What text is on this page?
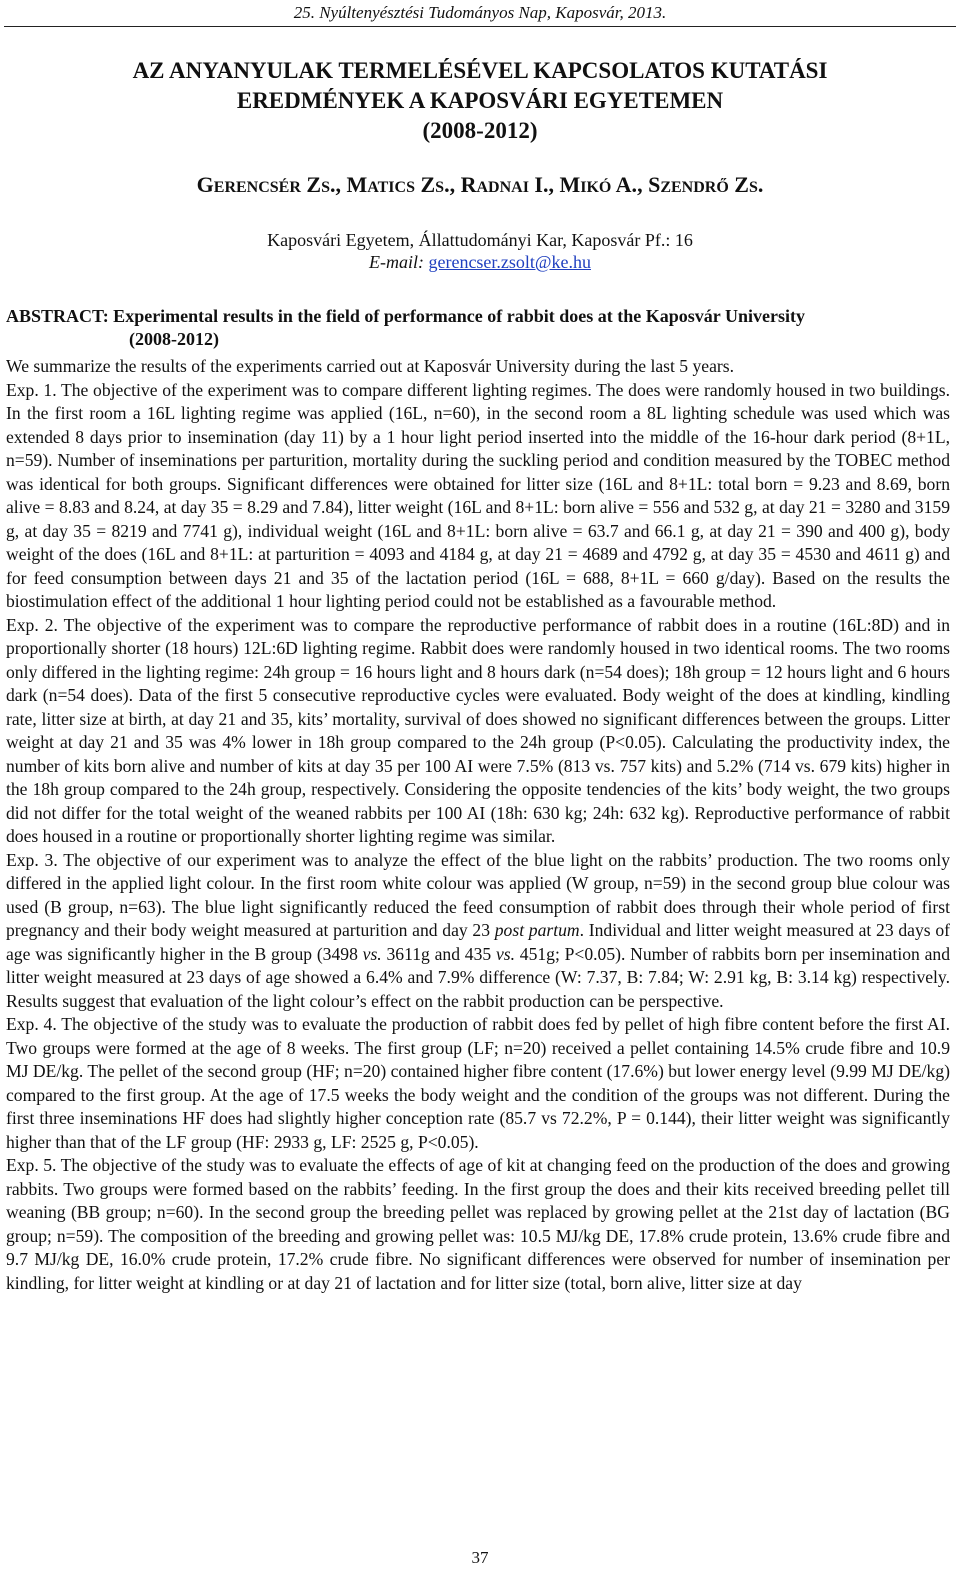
25. Nyúltenyésztési Tudományos Nap, Kaposvár, 2013.
AZ ANYANYULAK TERMELÉSÉVEL KAPCSOLATOS KUTATÁSI
EREDMÉNYEK A KAPOSVÁRI EGYETEMEN
(2008-2012)
GERENCSÉR ZS., MATICS ZS., RADNAI I., MIKÓ A., SZENDRŐ ZS.
Kaposvári Egyetem, Állattudományi Kar, Kaposvár Pf.: 16
E-mail: gerencser.zsolt@ke.hu
ABSTRACT: Experimental results in the field of performance of rabbit does at the Kaposvár University
(2008-2012)

We summarize the results of the experiments carried out at Kaposvár University during the last 5 years.

Exp. 1. The objective of the experiment was to compare different lighting regimes. The does were randomly housed in two buildings. In the first room a 16L lighting regime was applied (16L, n=60), in the second room a 8L lighting schedule was used which was extended 8 days prior to insemination (day 11) by a 1 hour light period inserted into the middle of the 16-hour dark period (8+1L, n=59). Number of inseminations per parturition, mortality during the suckling period and condition measured by the TOBEC method was identical for both groups. Significant differences were obtained for litter size (16L and 8+1L: total born = 9.23 and 8.69, born alive = 8.83 and 8.24, at day 35 = 8.29 and 7.84), litter weight (16L and 8+1L: born alive = 556 and 532 g, at day 21 = 3280 and 3159 g, at day 35 = 8219 and 7741 g), individual weight (16L and 8+1L: born alive = 63.7 and 66.1 g, at day 21 = 390 and 400 g), body weight of the does (16L and 8+1L: at parturition = 4093 and 4184 g, at day 21 = 4689 and 4792 g, at day 35 = 4530 and 4611 g) and for feed consumption between days 21 and 35 of the lactation period (16L = 688, 8+1L = 660 g/day). Based on the results the biostimulation effect of the additional 1 hour lighting period could not be established as a favourable method.

Exp. 2. The objective of the experiment was to compare the reproductive performance of rabbit does in a routine (16L:8D) and in proportionally shorter (18 hours) 12L:6D lighting regime. Rabbit does were randomly housed in two identical rooms. The two rooms only differed in the lighting regime: 24h group = 16 hours light and 8 hours dark (n=54 does); 18h group = 12 hours light and 6 hours dark (n=54 does). Data of the first 5 consecutive reproductive cycles were evaluated. Body weight of the does at kindling, kindling rate, litter size at birth, at day 21 and 35, kits’ mortality, survival of does showed no significant differences between the groups. Litter weight at day 21 and 35 was 4% lower in 18h group compared to the 24h group (P<0.05). Calculating the productivity index, the number of kits born alive and number of kits at day 35 per 100 AI were 7.5% (813 vs. 757 kits) and 5.2% (714 vs. 679 kits) higher in the 18h group compared to the 24h group, respectively. Considering the opposite tendencies of the kits’ body weight, the two groups did not differ for the total weight of the weaned rabbits per 100 AI (18h: 630 kg; 24h: 632 kg). Reproductive performance of rabbit does housed in a routine or proportionally shorter lighting regime was similar.

Exp. 3. The objective of our experiment was to analyze the effect of the blue light on the rabbits’ production. The two rooms only differed in the applied light colour. In the first room white colour was applied (W group, n=59) in the second group blue colour was used (B group, n=63). The blue light significantly reduced the feed consumption of rabbit does through their whole period of first pregnancy and their body weight measured at parturition and day 23 post partum. Individual and litter weight measured at 23 days of age was significantly higher in the B group (3498 vs. 3611g and 435 vs. 451g; P<0.05). Number of rabbits born per insemination and litter weight measured at 23 days of age showed a 6.4% and 7.9% difference (W: 7.37, B: 7.84; W: 2.91 kg, B: 3.14 kg) respectively. Results suggest that evaluation of the light colour’s effect on the rabbit production can be perspective.

Exp. 4. The objective of the study was to evaluate the production of rabbit does fed by pellet of high fibre content before the first AI. Two groups were formed at the age of 8 weeks. The first group (LF; n=20) received a pellet containing 14.5% crude fibre and 10.9 MJ DE/kg. The pellet of the second group (HF; n=20) contained higher fibre content (17.6%) but lower energy level (9.99 MJ DE/kg) compared to the first group. At the age of 17.5 weeks the body weight and the condition of the groups was not different. During the first three inseminations HF does had slightly higher conception rate (85.7 vs 72.2%, P = 0.144), their litter weight was significantly higher than that of the LF group (HF: 2933 g, LF: 2525 g, P<0.05).

Exp. 5. The objective of the study was to evaluate the effects of age of kit at changing feed on the production of the does and growing rabbits. Two groups were formed based on the rabbits’ feeding. In the first group the does and their kits received breeding pellet till weaning (BB group; n=60). In the second group the breeding pellet was replaced by growing pellet at the 21st day of lactation (BG group; n=59). The composition of the breeding and growing pellet was: 10.5 MJ/kg DE, 17.8% crude protein, 13.6% crude fibre and 9.7 MJ/kg DE, 16.0% crude protein, 17.2% crude fibre. No significant differences were observed for number of insemination per kindling, for litter weight at kindling or at day 21 of lactation and for litter size (total, born alive, litter size at day

37
